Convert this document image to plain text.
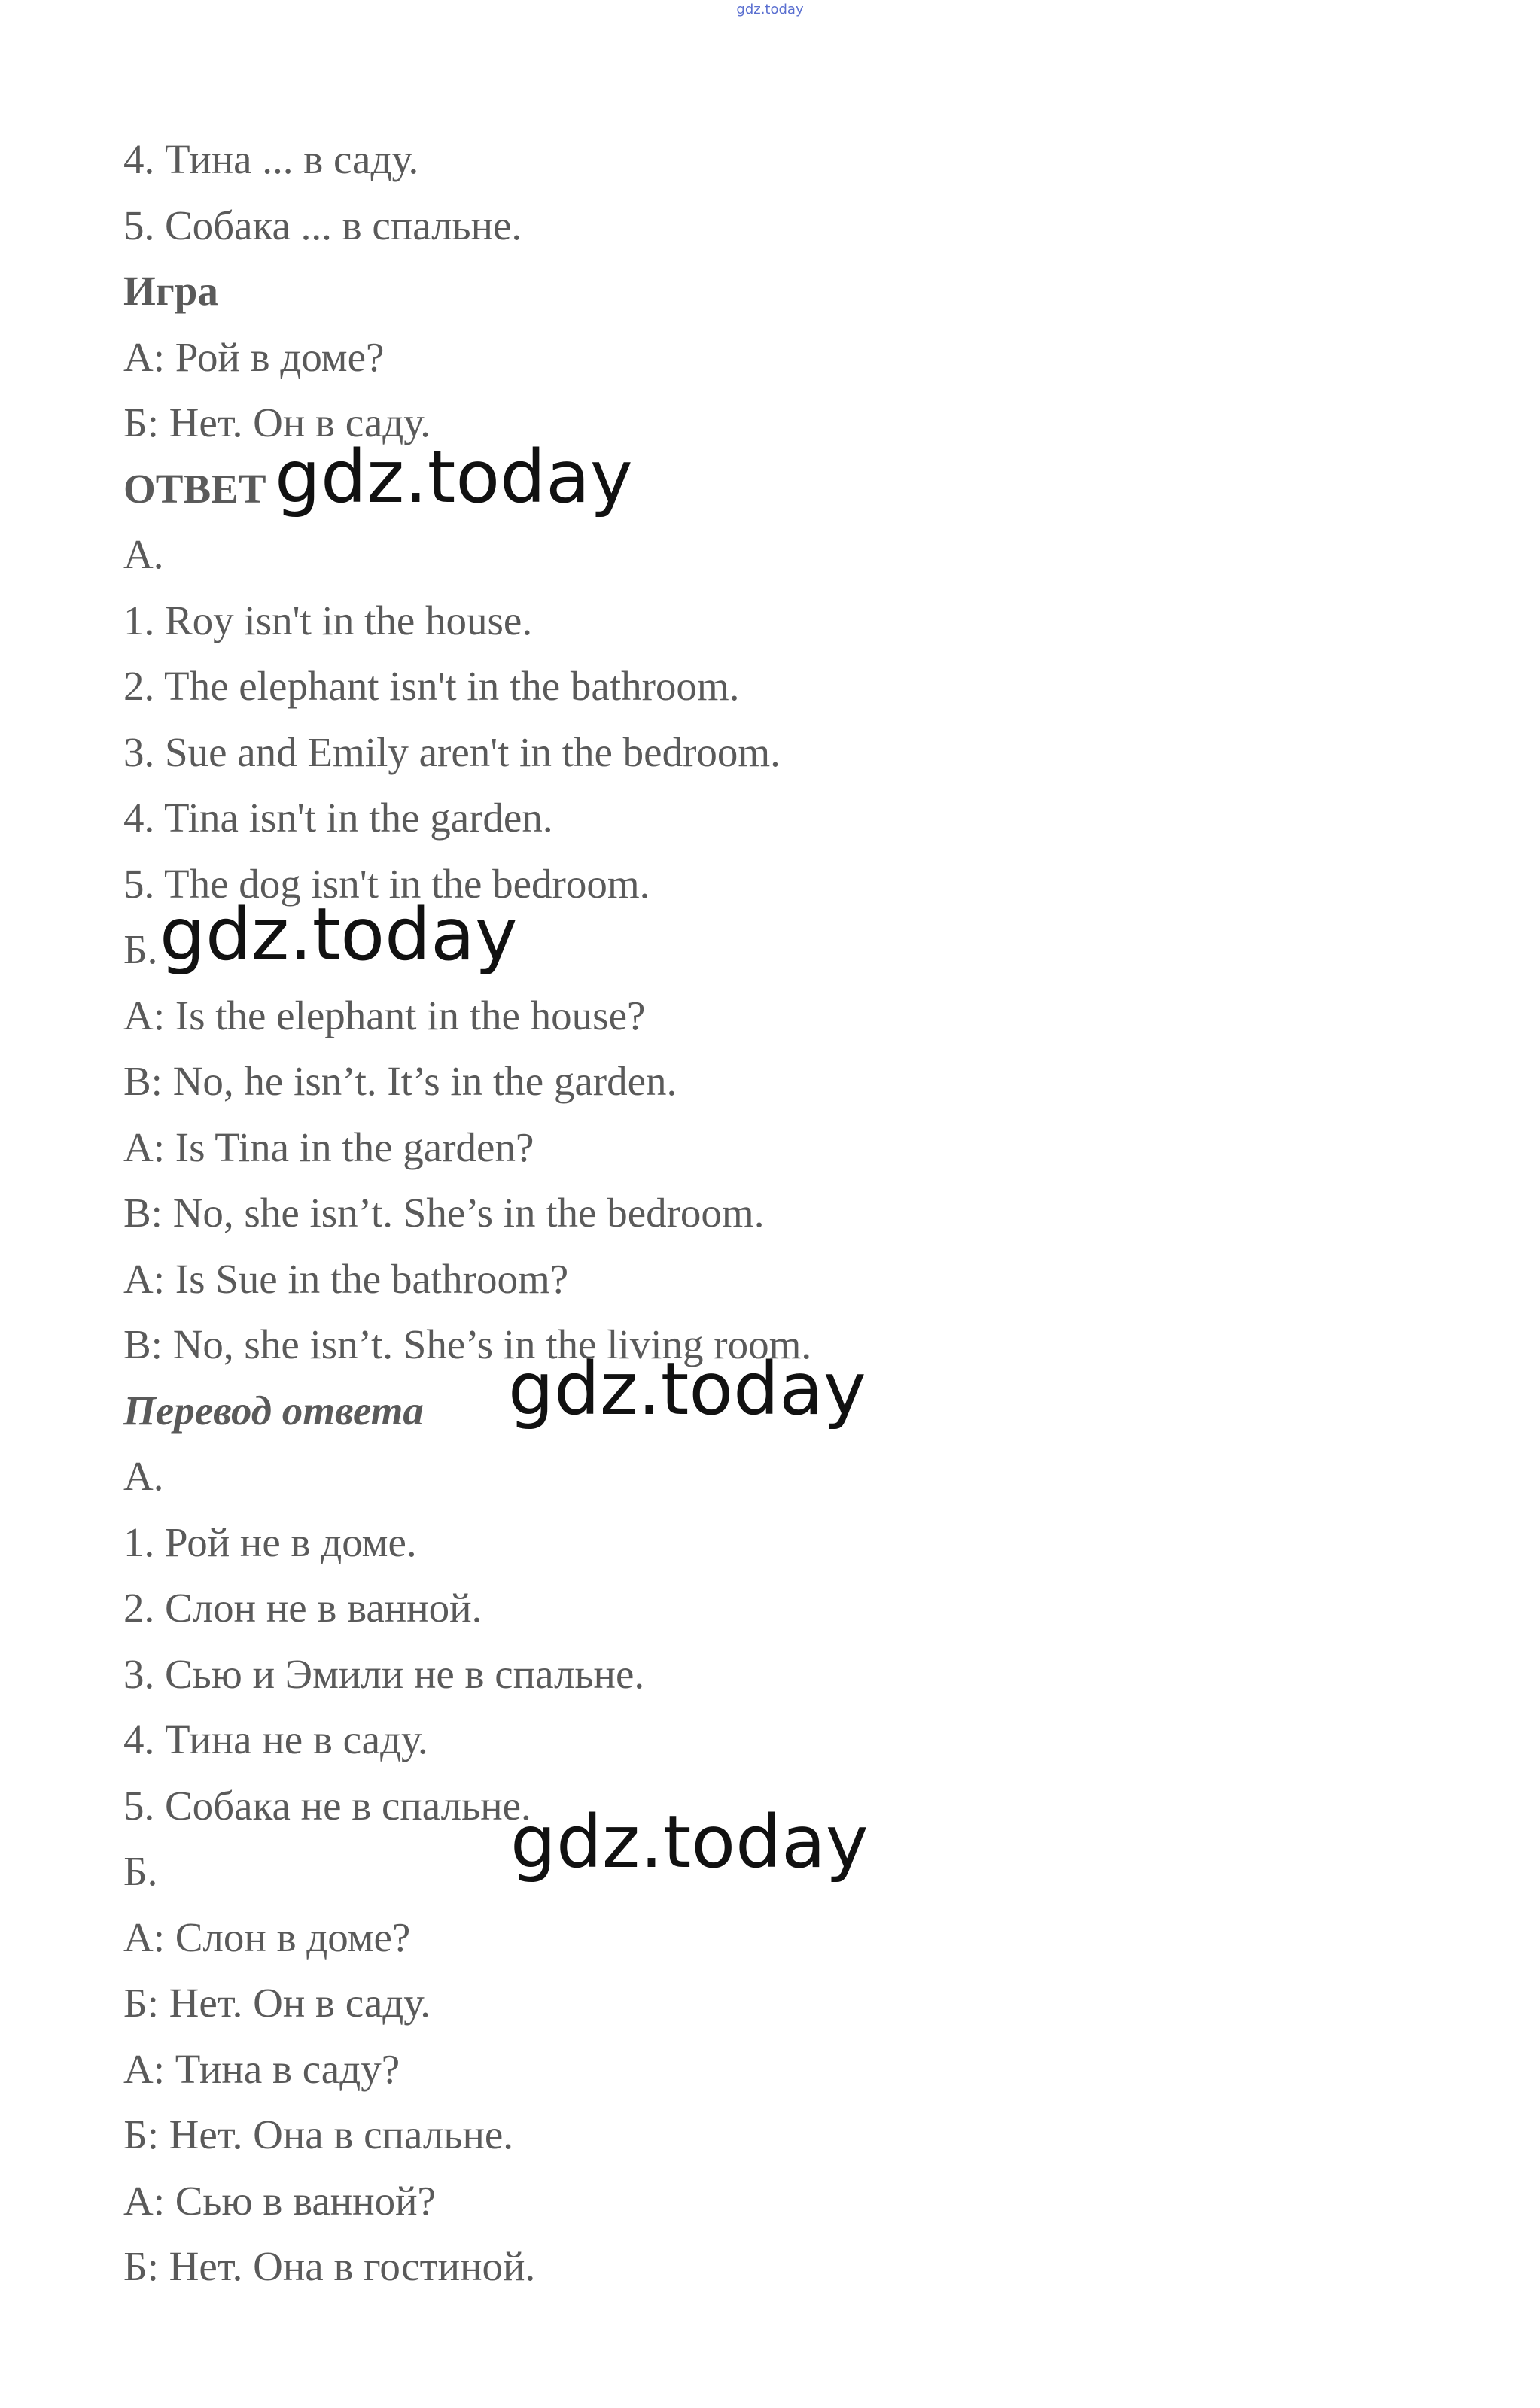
gdz.today
4. Тина ... в саду.
5. Собака ... в спальне.
Игра
А: Рой в доме?
Б: Нет. Он в саду.
ОТВЕТ
A.
1. Roy isn't in the house.
2. The elephant isn't in the bathroom.
3. Sue and Emily aren't in the bedroom.
4. Tina isn't in the garden.
5. The dog isn't in the bedroom.
Б.
A: Is the elephant in the house?
B: No, he isn’t. It’s in the garden.
A: Is Tina in the garden?
B: No, she isn’t. She’s in the bedroom.
A: Is Sue in the bathroom?
B: No, she isn’t. She’s in the living room.
Перевод ответа
А.
1. Рой не в доме.
2. Слон не в ванной.
3. Сью и Эмили не в спальне.
4. Тина не в саду.
5. Собака не в спальне.
Б.
А: Слон в доме?
Б: Нет. Он в саду.
А: Тина в саду?
Б: Нет. Она в спальне.
А: Сью в ванной?
Б: Нет. Она в гостиной.
gdz.today
gdz.today
gdz.today
gdz.today
